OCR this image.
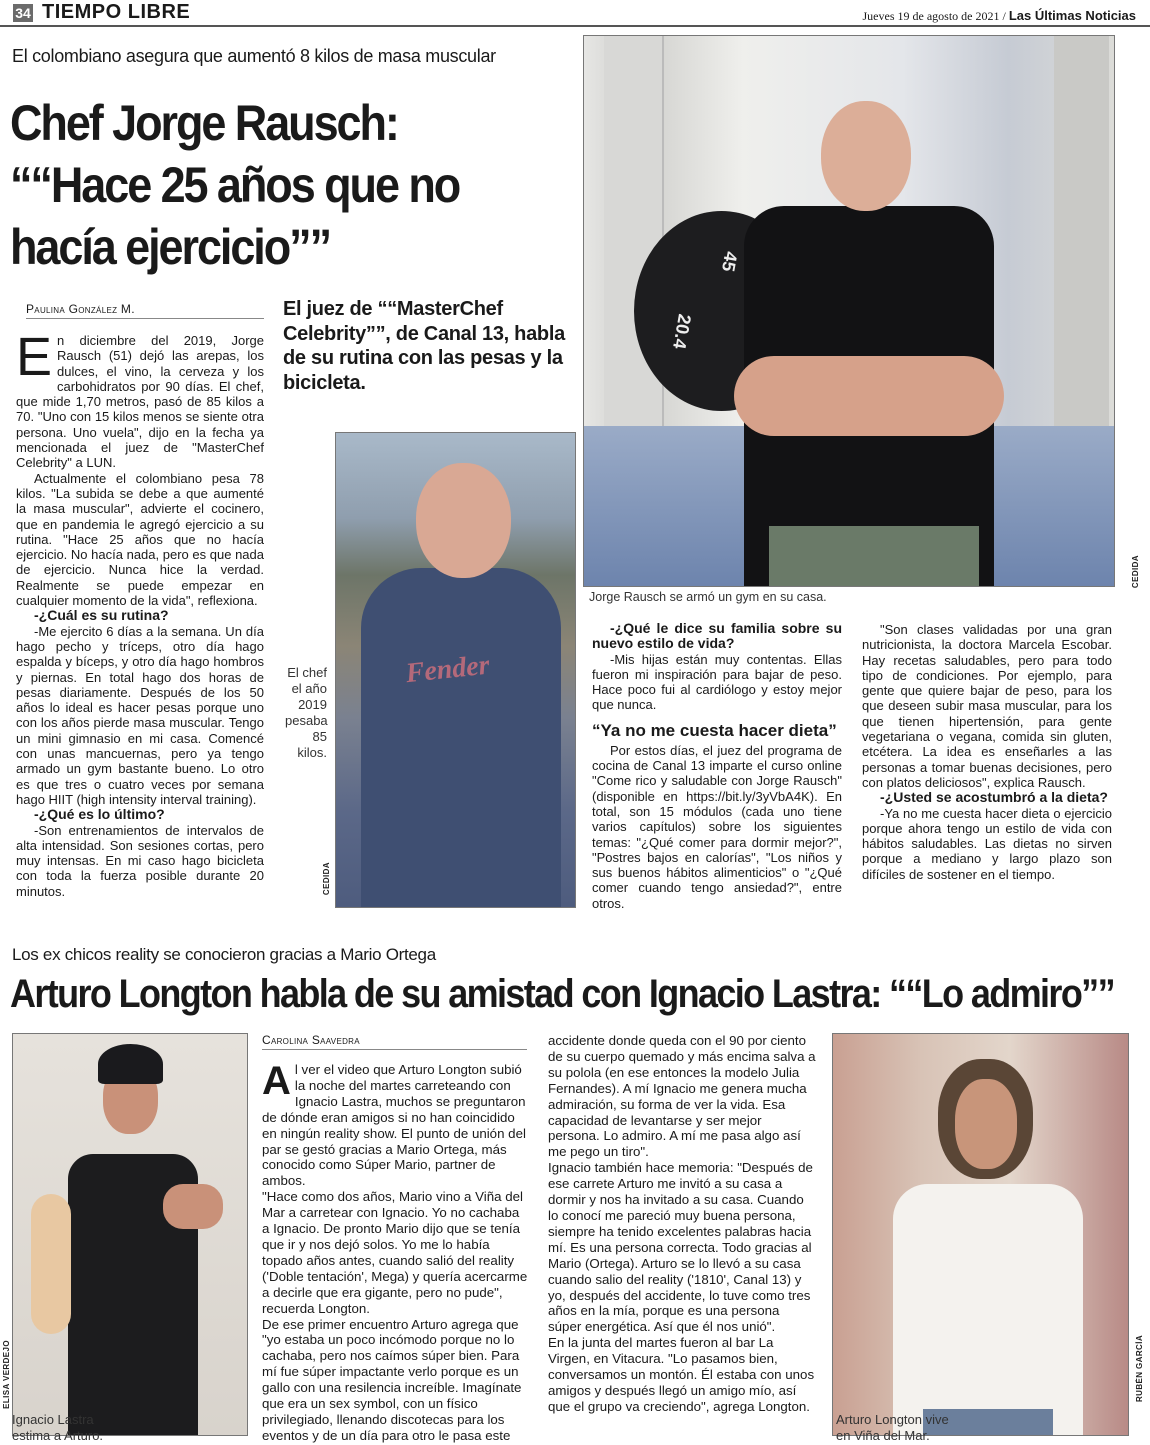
34 TIEMPO LIBRE	Jueves 19 de agosto de 2021 / Las Últimas Noticias
El colombiano asegura que aumentó 8 kilos de masa muscular
Chef Jorge Rausch:
““Hace 25 años que no
hacía ejercicio””
Paulina González M.

En diciembre del 2019, Jorge Rausch (51) dejó las arepas, los dulces, el vino, la cerveza y los carbohidratos por 90 días. El chef, que mide 1,70 metros, pasó de 85 kilos a 70. "Uno con 15 kilos menos se siente otra persona. Uno vuela", dijo en la fecha ya mencionada el juez de "MasterChef Celebrity" a LUN.

Actualmente el colombiano pesa 78 kilos. "La subida se debe a que aumenté la masa muscular", advierte el cocinero, que en pandemia le agregó ejercicio a su rutina. "Hace 25 años que no hacía ejercicio. No hacía nada, pero es que nada de ejercicio. Nunca hice la verdad. Realmente se puede empezar en cualquier momento de la vida", reflexiona.

-¿Cuál es su rutina?

-Me ejercito 6 días a la semana. Un día hago pecho y tríceps, otro día hago espalda y bíceps, y otro día hago hombros y piernas. En total hago dos horas de pesas diariamente. Después de los 50 años lo ideal es hacer pesas porque uno con los años pierde masa muscular. Tengo un mini gimnasio en mi casa. Comencé con unas mancuernas, pero ya tengo armado un gym bastante bueno. Lo otro es que tres o cuatro veces por semana hago HIIT (high intensity interval training).

-¿Qué es lo último?

-Son entrenamientos de intervalos de alta intensidad. Son sesiones cortas, pero muy intensas. En mi caso hago bicicleta con toda la fuerza posible durante 20 minutos.

El juez de ““MasterChef Celebrity””, de Canal 13, habla de su rutina con las pesas y la bicicleta.
Fender
El chef el año 2019 pesaba 85 kilos.
CEDIDA
45
20.4
Jorge Rausch se armó un gym en su casa.
CEDIDA

-¿Qué le dice su familia sobre su nuevo estilo de vida?

-Mis hijas están muy contentas. Ellas fueron mi inspiración para bajar de peso. Hace poco fui al cardiólogo y estoy mejor que nunca.

“Ya no me cuesta hacer dieta”

Por estos días, el juez del programa de cocina de Canal 13 imparte el curso online "Come rico y saludable con Jorge Rausch" (disponible en https://bit.ly/3yVbA4K). En total, son 15 módulos (cada uno tiene varios capítulos) sobre los siguientes temas: "¿Qué comer para dormir mejor?", "Postres bajos en calorías", "Los niños y sus buenos hábitos alimenticios" o "¿Qué comer cuando tengo ansiedad?", entre otros.

"Son clases validadas por una gran nutricionista, la doctora Marcela Escobar. Hay recetas saludables, pero para todo tipo de condiciones. Por ejemplo, para gente que quiere bajar de peso, para los que deseen subir masa muscular, para los que tienen hipertensión, para gente vegetariana o vegana, comida sin gluten, etcétera. La idea es enseñarles a las personas a tomar buenas decisiones, pero con platos deliciosos", explica Rausch.

-¿Usted se acostumbró a la dieta?

-Ya no me cuesta hacer dieta o ejercicio porque ahora tengo un estilo de vida con hábitos saludables. Las dietas no sirven porque a mediano y largo plazo son difíciles de sostener en el tiempo.

Los ex chicos reality se conocieron gracias a Mario Ortega
Arturo Longton habla de su amistad con Ignacio Lastra: ““Lo admiro””
ELISA VERDEJO
Ignacio Lastra
estima a Arturo.
Carolina Saavedra

Al ver el video que Arturo Longton subió la noche del martes carreteando con Ignacio Lastra, muchos se preguntaron de dónde eran amigos si no han coincidido en ningún reality show. El punto de unión del par se gestó gracias a Mario Ortega, más conocido como Súper Mario, partner de ambos.

"Hace como dos años, Mario vino a Viña del Mar a carretear con Ignacio. Yo no cachaba a Ignacio. De pronto Mario dijo que se tenía que ir y nos dejó solos. Yo me lo había topado años antes, cuando salió del reality ('Doble tentación', Mega) y quería acercarme a decirle que era gigante, pero no pude", recuerda Longton.

De ese primer encuentro Arturo agrega que "yo estaba un poco incómodo porque no lo cachaba, pero nos caímos súper bien. Para mí fue súper impactante verlo porque es un gallo con una resilencia increíble. Imagínate que era un sex symbol, con un físico privilegiado, llenando discotecas para los eventos y de un día para otro le pasa este

accidente donde queda con el 90 por ciento de su cuerpo quemado y más encima salva a su polola (en ese entonces la modelo Julia Fernandes). A mí Ignacio me genera mucha admiración, su forma de ver la vida. Esa capacidad de levantarse y ser mejor persona. Lo admiro. A mí me pasa algo así me pego un tiro".

Ignacio también hace memoria: "Después de ese carrete Arturo me invitó a su casa a dormir y nos ha invitado a su casa. Cuando lo conocí me pareció muy buena persona, siempre ha tenido excelentes palabras hacia mí. Es una persona correcta. Todo gracias al Mario (Ortega). Arturo se lo llevó a su casa cuando salio del reality ('1810', Canal 13) y yo, después del accidente, lo tuve como tres años en la mía, porque es una persona súper energética. Así que él nos unió".

En la junta del martes fueron al bar La Virgen, en Vitacura. "Lo pasamos bien, conversamos un montón. Él estaba con unos amigos y después llegó un amigo mío, así que el grupo va creciendo", agrega Longton.

RUBÉN GARCÍA
Arturo Longton vive
en Viña del Mar.
